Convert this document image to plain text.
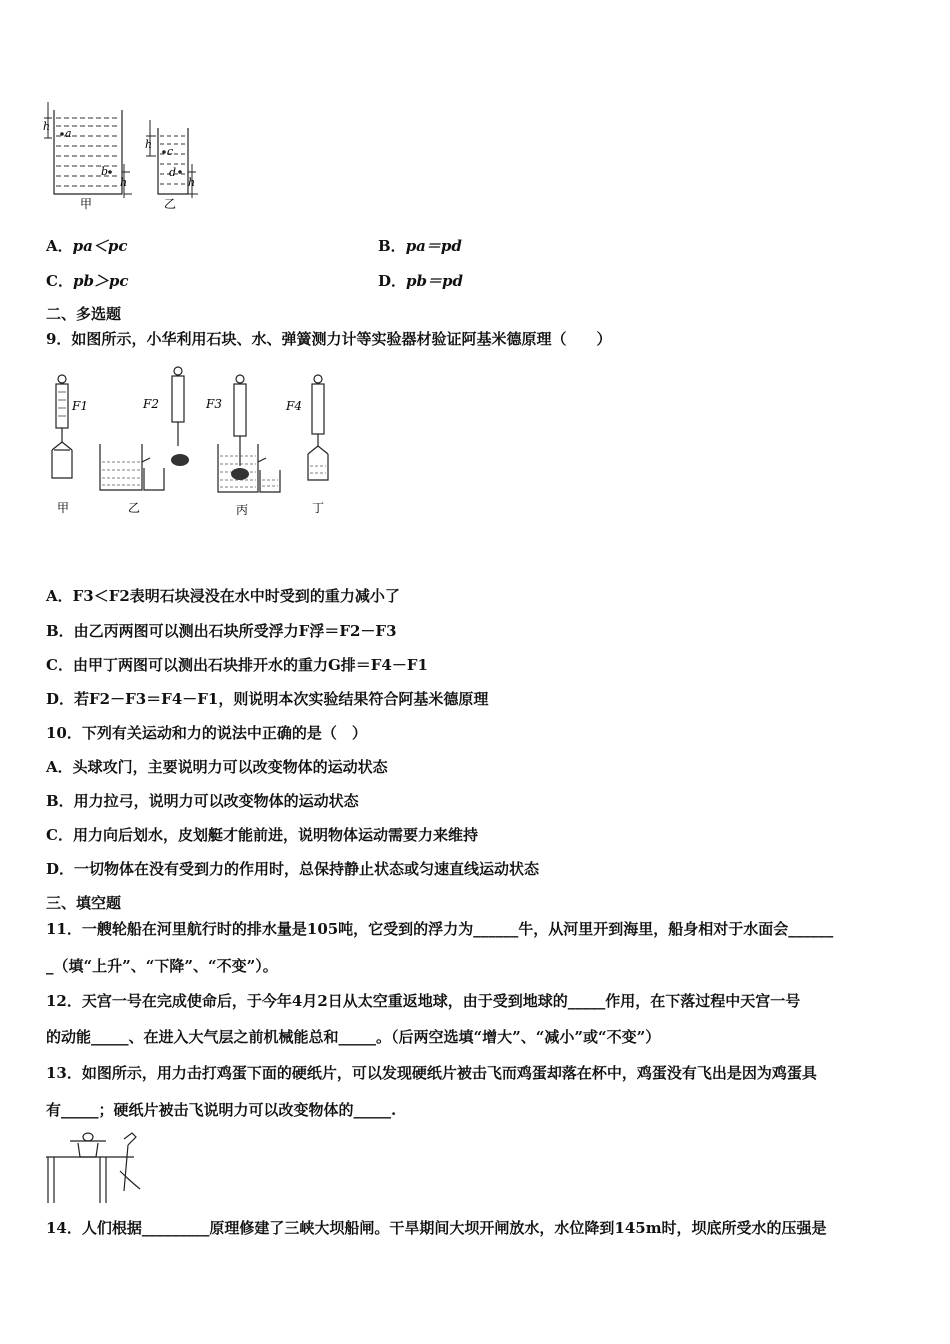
h
a
b
h
甲
h
c
d
h
乙
A．pa＜pc	B．pa＝pd
C．pb＞pc	D．pb＝pd
二、多选题
9．如图所示，小华利用石块、水、弹簧测力计等实验器材验证阿基米德原理（　　）
F1
甲
F2
乙
F3
丙
F4
丁
A．F3＜F2表明石块浸没在水中时受到的重力减小了
B．由乙丙两图可以测出石块所受浮力F浮＝F2－F3
C．由甲丁两图可以测出石块排开水的重力G排＝F4－F1
D．若F2－F3＝F4－F1，则说明本次实验结果符合阿基米德原理
10．下列有关运动和力的说法中正确的是（　）
A．头球攻门，主要说明力可以改变物体的运动状态
B．用力拉弓，说明力可以改变物体的运动状态
C．用力向后划水，皮划艇才能前进，说明物体运动需要力来维持
D．一切物体在没有受到力的作用时，总保持静止状态或匀速直线运动状态
三、填空题
11．一艘轮船在河里航行时的排水量是105吨，它受到的浮力为______牛，从河里开到海里，船身相对于水面会______
_（填“上升”、“下降”、“不变”）。
12．天宫一号在完成使命后，于今年4月2日从太空重返地球，由于受到地球的_____作用，在下落过程中天宫一号
的动能_____、在进入大气层之前机械能总和_____。（后两空选填“增大”、“减小”或“不变”）
13．如图所示，用力击打鸡蛋下面的硬纸片，可以发现硬纸片被击飞而鸡蛋却落在杯中，鸡蛋没有飞出是因为鸡蛋具
有_____；硬纸片被击飞说明力可以改变物体的_____.
14．人们根据_________原理修建了三峡大坝船闸。干旱期间大坝开闸放水，水位降到145m时，坝底所受水的压强是
